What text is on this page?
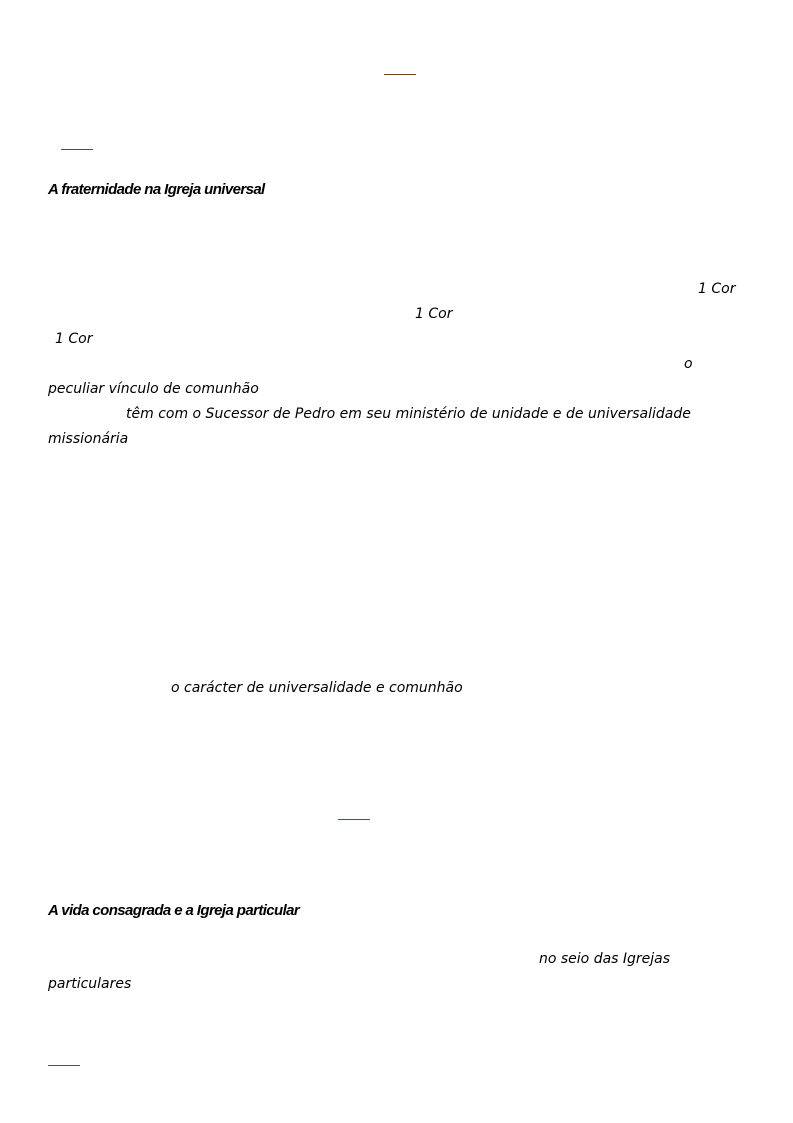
A fraternidade na Igreja universal
1 Cor
1 Cor
1 Cor
o
peculiar vínculo de comunhão
têm com o Sucessor de Pedro em seu ministério de unidade e de universalidade
missionária
o carácter de universalidade e comunhão
A vida consagrada e a Igreja particular
no seio das Igrejas
particulares
